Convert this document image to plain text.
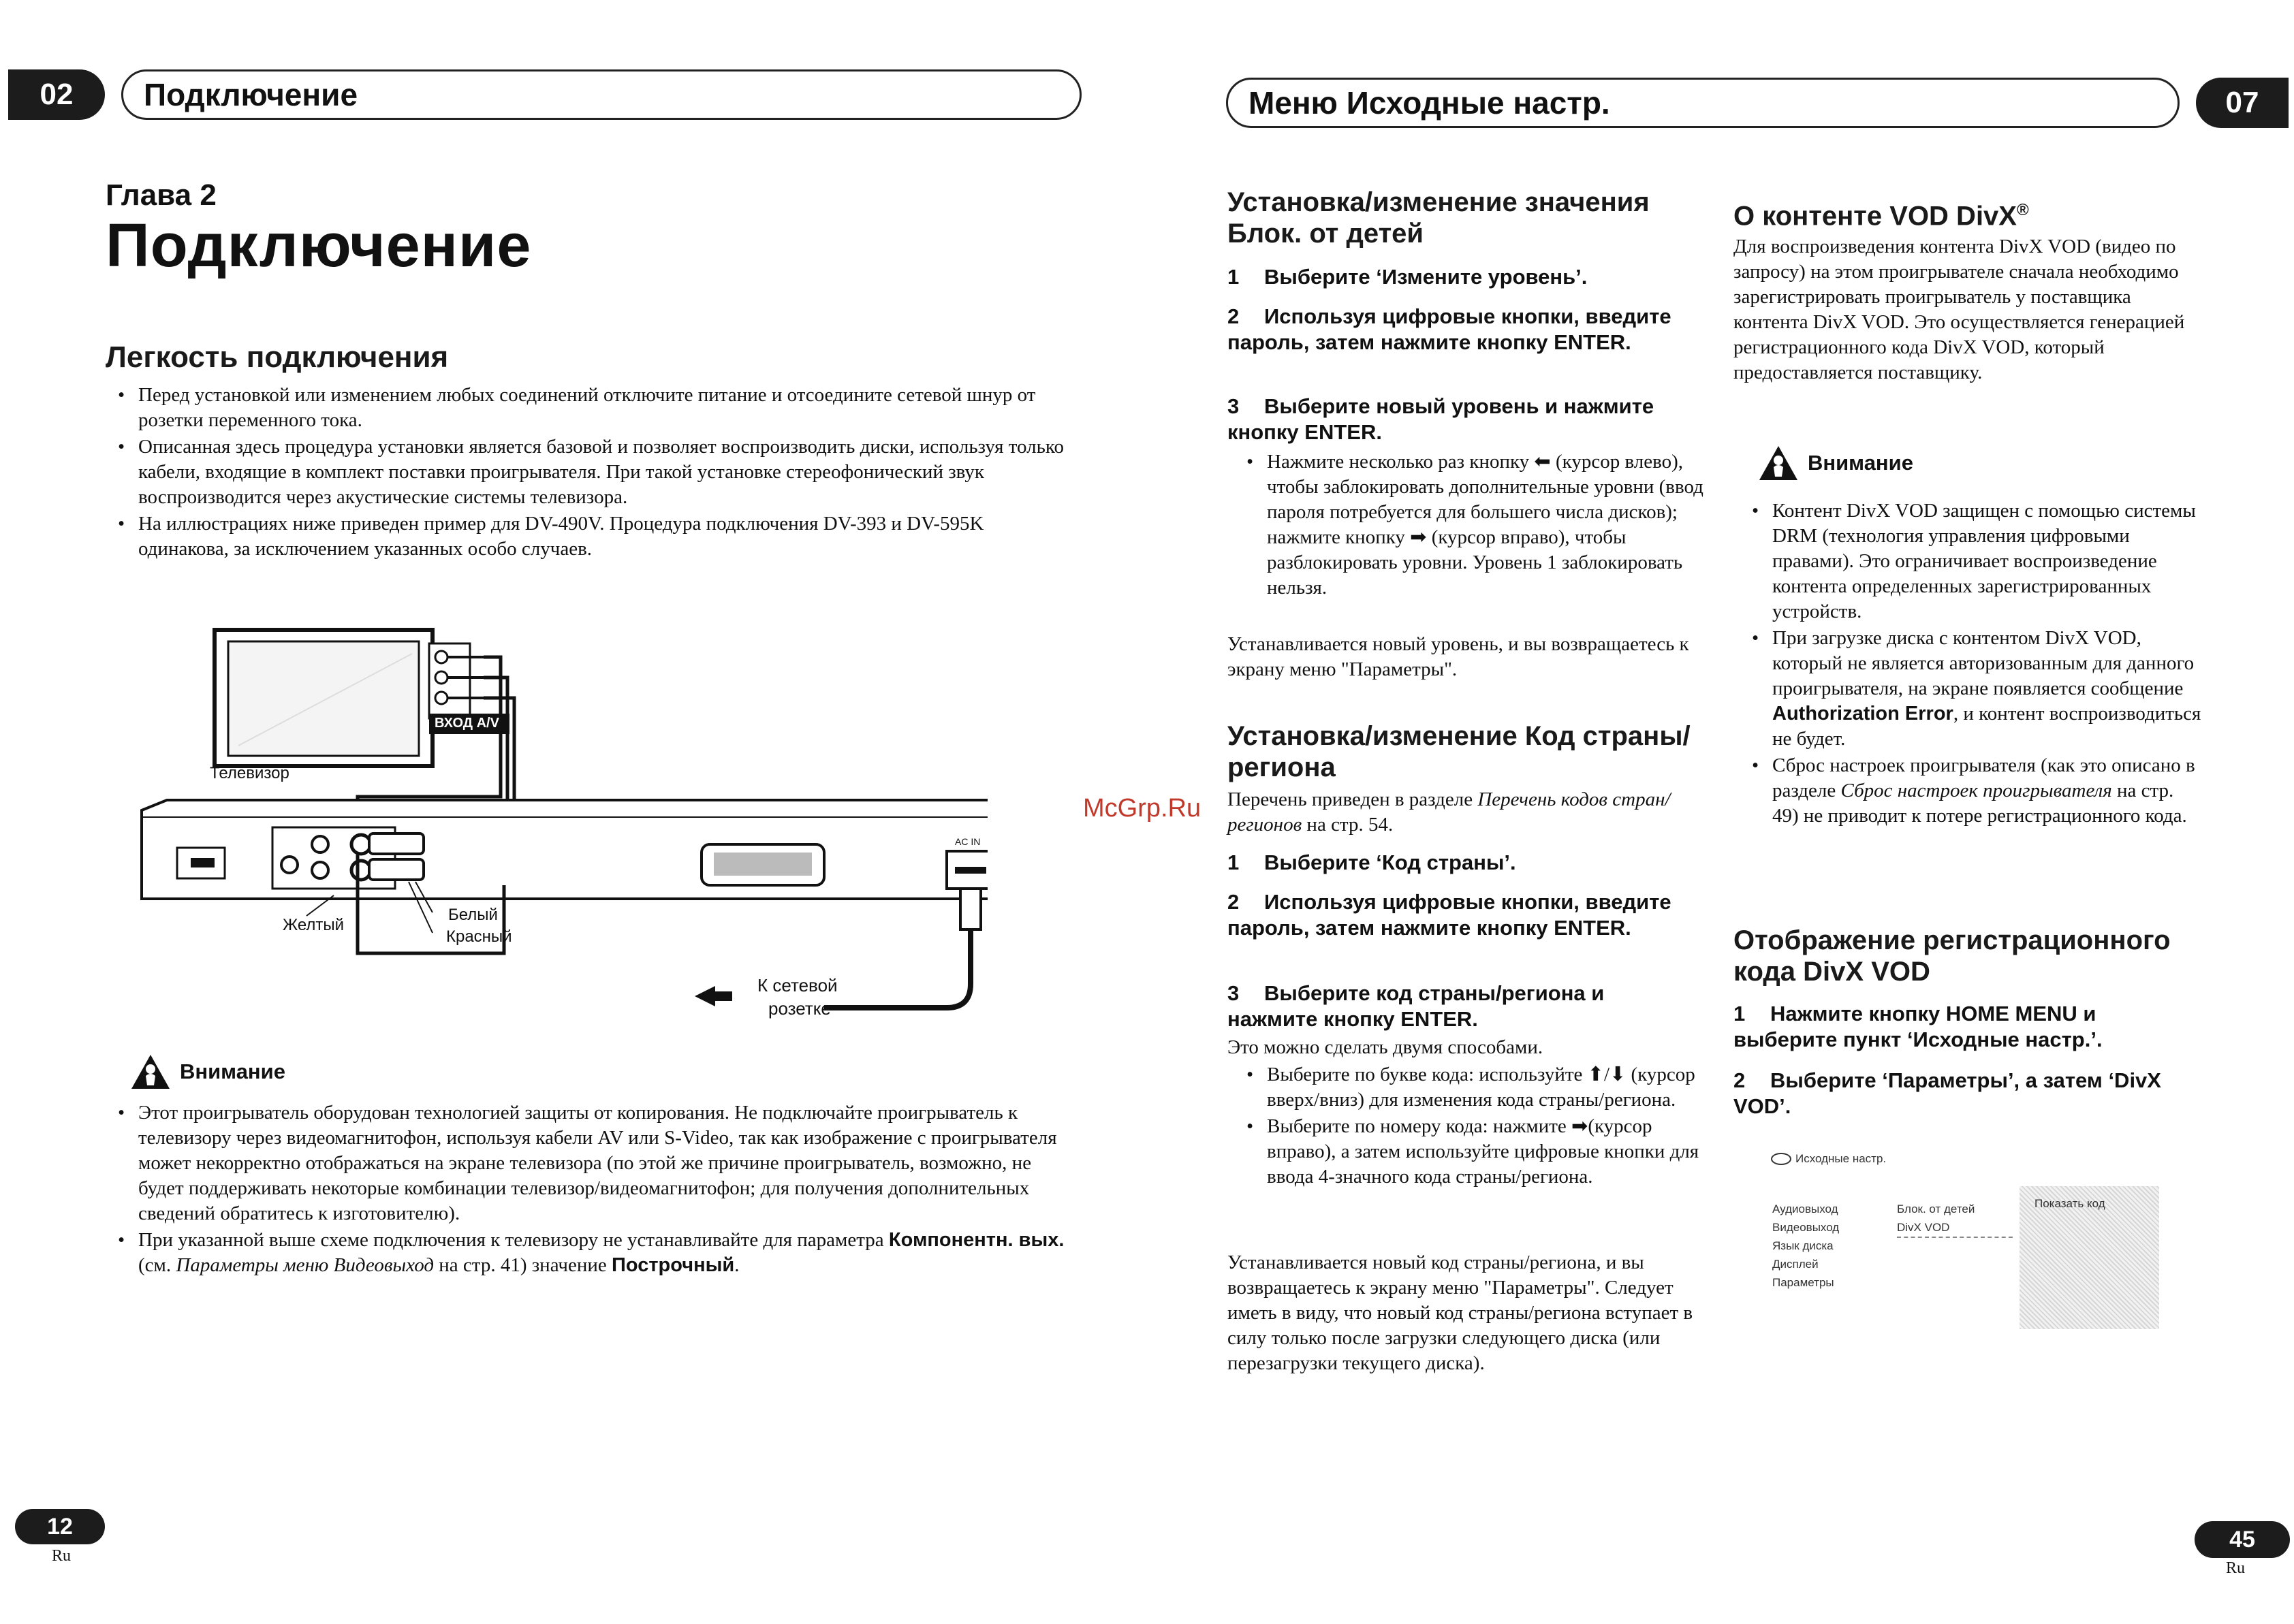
02	Подключение
Глава 2
Подключение
Легкость подключения
• Перед установкой или изменением любых соединений отключите питание и отсоедините сетевой шнур от розетки переменного тока.
• Описанная здесь процедура установки является базовой и позволяет воспроизводить диски, используя только кабели, входящие в комплект поставки проигрывателя. При такой установке стереофонический звук воспроизводится через акустические системы телевизора.
• На иллюстрациях ниже приведен пример для DV-490V. Процедура подключения DV-393 и DV-595K одинакова, за исключением указанных особо случаев.
Телевизор
ВХОД A/V
AC IN
Желтый
Белый
Красный
К сетевой
розетке
Внимание
• Этот проигрыватель оборудован технологией защиты от копирования. Не подключайте проигрыватель к телевизору через видеомагнитофон, используя кабели AV или S-Video, так как изображение с проигрывателя может некорректно отображаться на экране телевизора (по этой же причине проигрыватель, возможно, не будет поддерживать некоторые комбинации телевизор/видеомагнитофон; для получения дополнительных сведений обратитесь к изготовителю).
• При указанной выше схеме подключения к телевизору не устанавливайте для параметра Компонентн. вых. (см. Параметры меню Видеовыход на стр. 41) значение Построчный.
12
Ru
McGrp.Ru
Меню Исходные настр.	07
Установка/изменение значения
Блок. от детей

1 Выберите ‘Измените уровень’.

2 Используя цифровые кнопки, введите пароль, затем нажмите кнопку ENTER.

3 Выберите новый уровень и нажмите кнопку ENTER.

• Нажмите несколько раз кнопку ⬅ (курсор влево), чтобы заблокировать дополнительные уровни (ввод пароля потребуется для большего числа дисков); нажмите кнопку ➡ (курсор вправо), чтобы разблокировать уровни. Уровень 1 заблокировать нельзя.

Устанавливается новый уровень, и вы возвращаетесь к экрану меню "Параметры".

Установка/изменение Код страны/
региона

Перечень приведен в разделе Перечень кодов стран/регионов на стр. 54.

1 Выберите ‘Код страны’.

2 Используя цифровые кнопки, введите пароль, затем нажмите кнопку ENTER.

3 Выберите код страны/региона и нажмите кнопку ENTER.

Это можно сделать двумя способами.

• Выберите по букве кода: используйте ⬆/⬇ (курсор вверх/вниз) для изменения кода страны/региона.
• Выберите по номеру кода: нажмите ➡(курсор вправо), а затем используйте цифровые кнопки для ввода 4-значного кода страны/региона.

Устанавливается новый код страны/региона, и вы возвращаетесь к экрану меню "Параметры". Следует иметь в виду, что новый код страны/региона вступает в силу только после загрузки следующего диска (или перезагрузки текущего диска).

О контенте VOD DivX®

Для воспроизведения контента DivX VOD (видео по запросу) на этом проигрывателе сначала необходимо зарегистрировать проигрыватель у поставщика контента DivX VOD. Это осуществляется генерацией регистрационного кода DivX VOD, который предоставляется поставщику.

Внимание
• Контент DivX VOD защищен с помощью системы DRM (технология управления цифровыми правами). Это ограничивает воспроизведение контента определенных зарегистрированных устройств.
• При загрузке диска с контентом DivX VOD, который не является авторизованным для данного проигрывателя, на экране появляется сообщение Authorization Error, и контент воспроизводиться не будет.
• Сброс настроек проигрывателя (как это описано в разделе Сброс настроек проигрывателя на стр. 49) не приводит к потере регистрационного кода.
Отображение регистрационного
кода DivX VOD

1 Нажмите кнопку HOME MENU и выберите пункт ‘Исходные настр.’.

2 Выберите ‘Параметры’, а затем ‘DivX VOD’.

Исходные настр.
Аудиовыход
Видеовыход
Язык диска
Дисплей
Параметры
Блок. от детей
DivX VOD
Показать код
45
Ru
